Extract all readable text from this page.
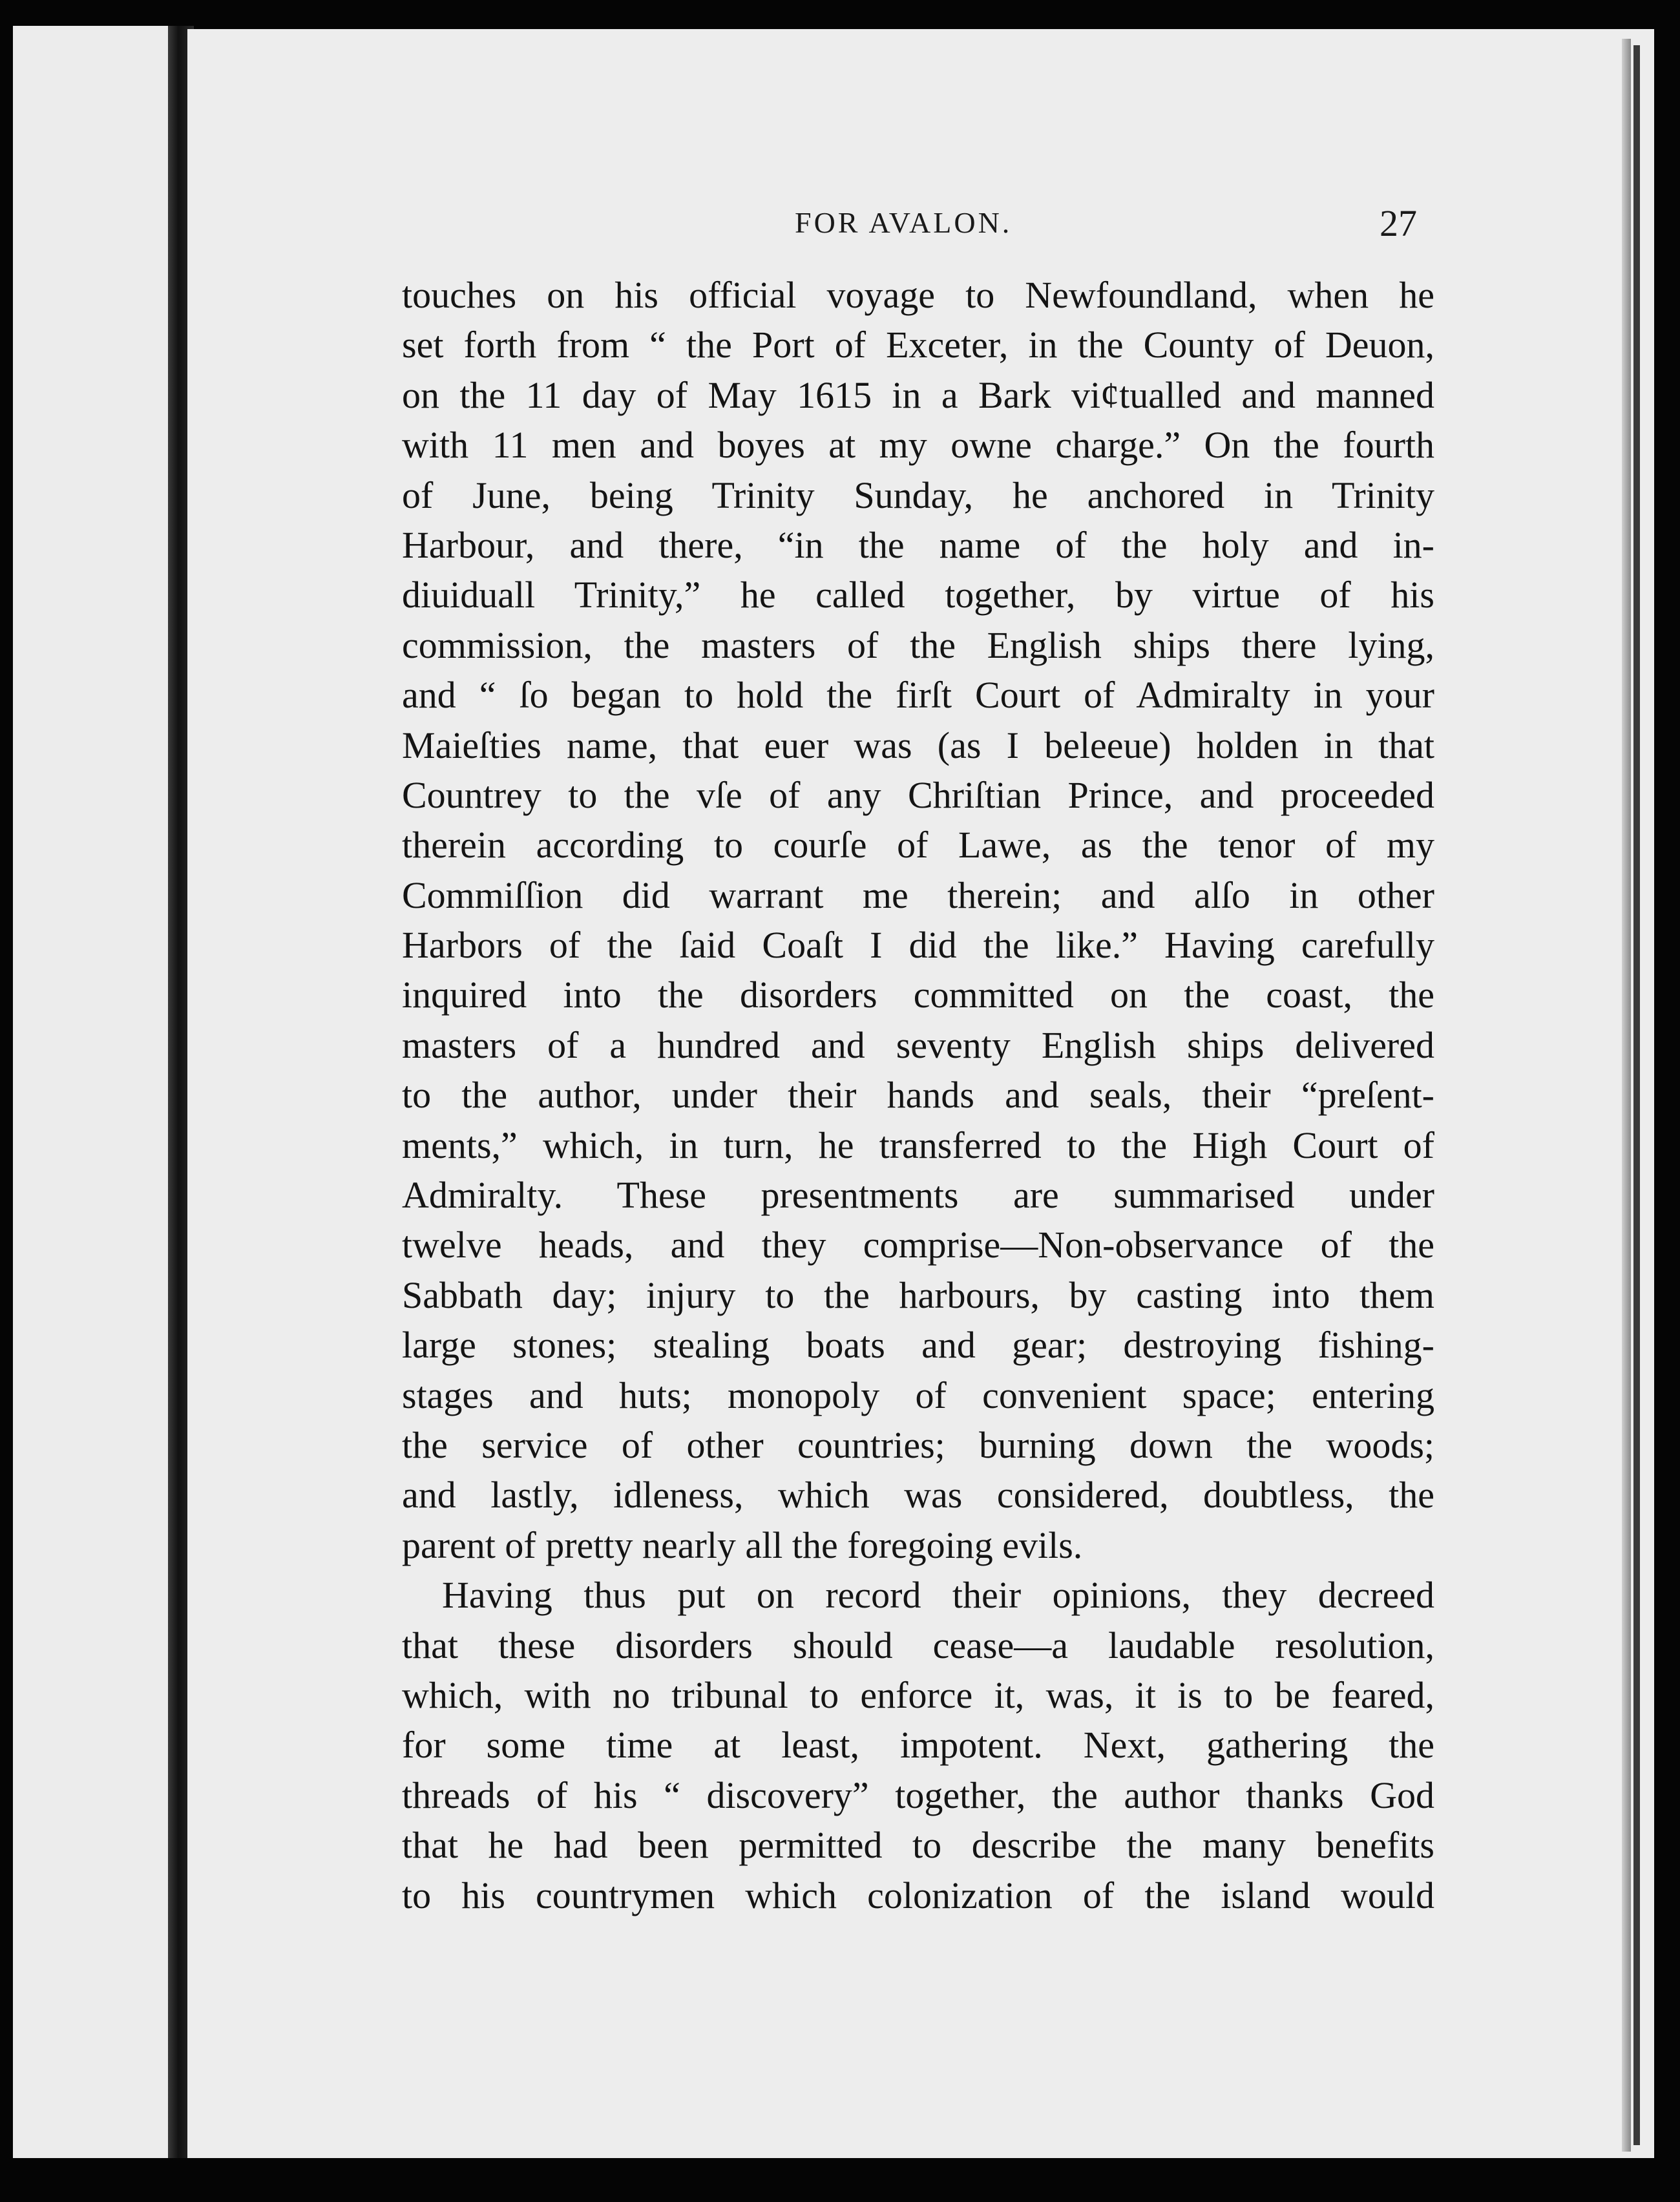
FOR AVALON.	27
touches on his official voyage to Newfoundland, when he
set forth from “ the Port of Exceter, in the County of Deuon,
on the 11 day of May 1615 in a Bark vi¢tualled and manned
with 11 men and boyes at my owne charge.” On the fourth
of June, being Trinity Sunday, he anchored in Trinity
Harbour, and there, “in the name of the holy and in-
diuiduall Trinity,” he called together, by virtue of his
commission, the masters of the English ships there lying,
and “ ſo began to hold the firſt Court of Admiralty in your
Maieſties name, that euer was (as I beleeue) holden in that
Countrey to the vſe of any Chriſtian Prince, and proceeded
therein according to courſe of Lawe, as the tenor of my
Commiſſion did warrant me therein; and alſo in other
Harbors of the ſaid Coaſt I did the like.” Having carefully
inquired into the disorders committed on the coast, the
masters of a hundred and seventy English ships delivered
to the author, under their hands and seals, their “preſent-
ments,” which, in turn, he transferred to the High Court of
Admiralty. These presentments are summarised under
twelve heads, and they comprise—Non-observance of the
Sabbath day; injury to the harbours, by casting into them
large stones; stealing boats and gear; destroying fishing-
stages and huts; monopoly of convenient space; entering
the service of other countries; burning down the woods;
and lastly, idleness, which was considered, doubtless, the
parent of pretty nearly all the foregoing evils.
Having thus put on record their opinions, they decreed
that these disorders should cease—a laudable resolution,
which, with no tribunal to enforce it, was, it is to be feared,
for some time at least, impotent. Next, gathering the
threads of his “ discovery” together, the author thanks God
that he had been permitted to describe the many benefits
to his countrymen which colonization of the island would
